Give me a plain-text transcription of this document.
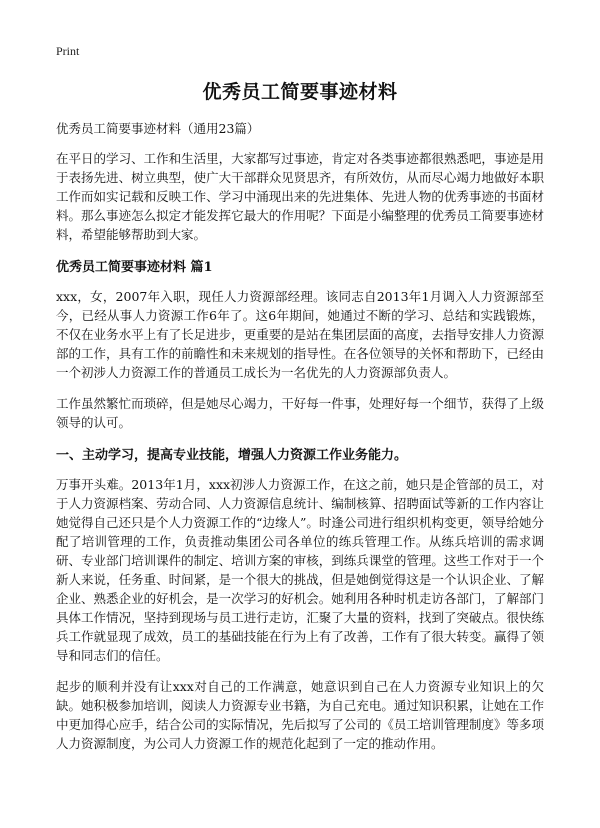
Print
优秀员工简要事迹材料
优秀员工简要事迹材料（通用23篇）

在平日的学习、工作和生活里，大家都写过事迹，肯定对各类事迹都很熟悉吧，事迹是用于表扬先进、树立典型，使广大干部群众见贤思齐，有所效仿，从而尽心竭力地做好本职工作而如实记载和反映工作、学习中涌现出来的先进集体、先进人物的优秀事迹的书面材料。那么事迹怎么拟定才能发挥它最大的作用呢？下面是小编整理的优秀员工简要事迹材料，希望能够帮助到大家。

优秀员工简要事迹材料 篇1

xxx，女，2007年入职，现任人力资源部经理。该同志自2013年1月调入人力资源部至今，已经从事人力资源工作6年了。这6年期间，她通过不断的学习、总结和实践锻炼，不仅在业务水平上有了长足进步，更重要的是站在集团层面的高度，去指导安排人力资源部的工作，具有工作的前瞻性和未来规划的指导性。在各位领导的关怀和帮助下，已经由一个初涉人力资源工作的普通员工成长为一名优先的人力资源部负责人。

工作虽然繁忙而琐碎，但是她尽心竭力，干好每一件事，处理好每一个细节，获得了上级领导的认可。

一、主动学习，提高专业技能，增强人力资源工作业务能力。

万事开头难。2013年1月，xxx初涉人力资源工作，在这之前，她只是企管部的员工，对于人力资源档案、劳动合同、人力资源信息统计、编制核算、招聘面试等新的工作内容让她觉得自己还只是个人力资源工作的“边缘人”。时逢公司进行组织机构变更，领导给她分配了培训管理的工作，负责推动集团公司各单位的练兵管理工作。从练兵培训的需求调研、专业部门培训课件的制定、培训方案的审核，到练兵课堂的管理。这些工作对于一个新人来说，任务重、时间紧，是一个很大的挑战，但是她倒觉得这是一个认识企业、了解企业、熟悉企业的好机会，是一次学习的好机会。她利用各种时机走访各部门，了解部门具体工作情况，坚持到现场与员工进行走访，汇聚了大量的资料，找到了突破点。很快练兵工作就显现了成效，员工的基础技能在行为上有了改善，工作有了很大转变。赢得了领导和同志们的信任。

起步的顺利并没有让xxx对自己的工作满意，她意识到自己在人力资源专业知识上的欠缺。她积极参加培训，阅读人力资源专业书籍，为自己充电。通过知识积累，让她在工作中更加得心应手，结合公司的实际情况，先后拟写了公司的《员工培训管理制度》等多项人力资源制度，为公司人力资源工作的规范化起到了一定的推动作用。
